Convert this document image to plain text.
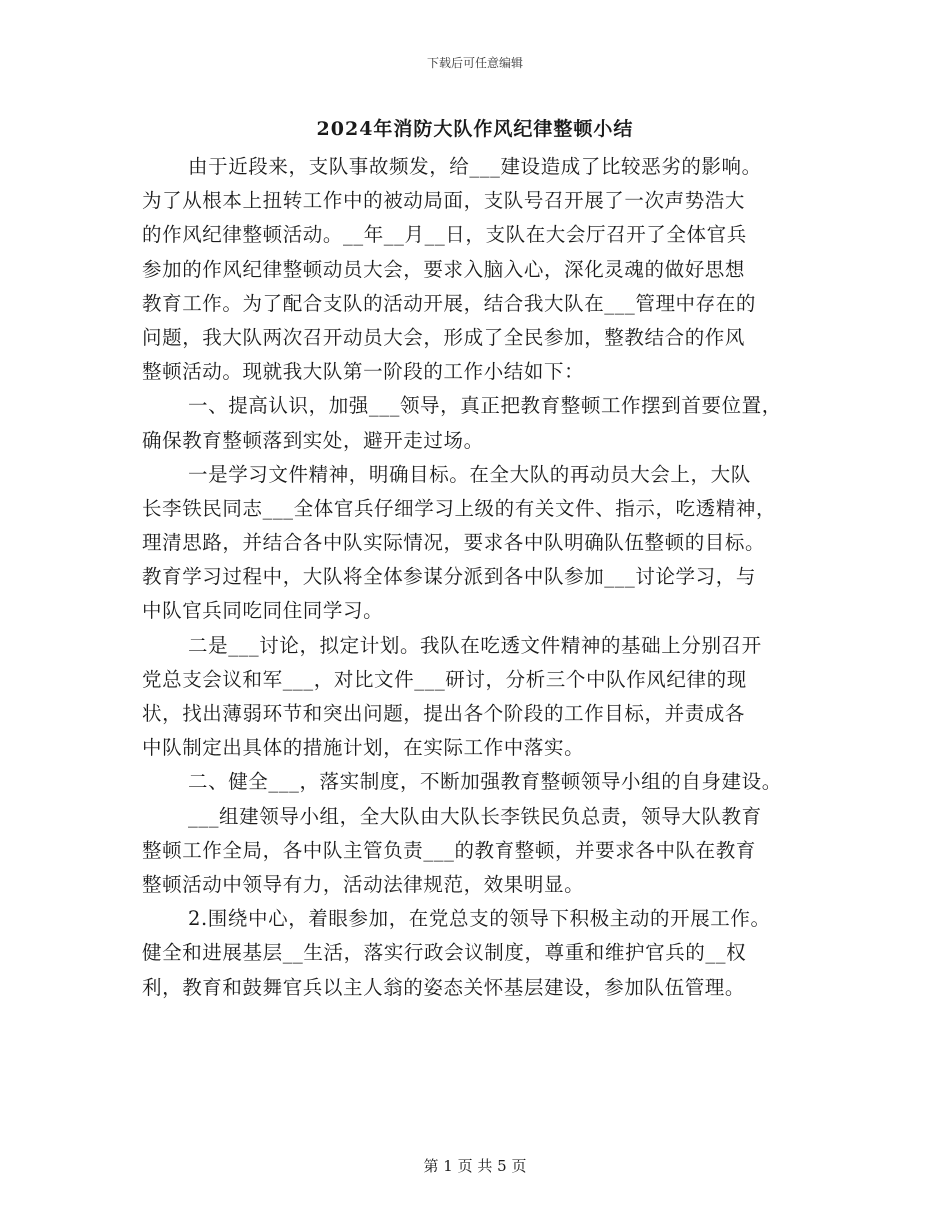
下载后可任意编辑
2024年消防大队作风纪律整顿小结
由于近段来，支队事故频发，给___建设造成了比较恶劣的影响。
为了从根本上扭转工作中的被动局面，支队号召开展了一次声势浩大
的作风纪律整顿活动。__年__月__日，支队在大会厅召开了全体官兵
参加的作风纪律整顿动员大会，要求入脑入心，深化灵魂的做好思想
教育工作。为了配合支队的活动开展，结合我大队在___管理中存在的
问题，我大队两次召开动员大会，形成了全民参加，整教结合的作风
整顿活动。现就我大队第一阶段的工作小结如下：
一、提高认识，加强___领导，真正把教育整顿工作摆到首要位置，
确保教育整顿落到实处，避开走过场。
一是学习文件精神，明确目标。在全大队的再动员大会上，大队
长李铁民同志___全体官兵仔细学习上级的有关文件、指示，吃透精神，
理清思路，并结合各中队实际情况，要求各中队明确队伍整顿的目标。
教育学习过程中，大队将全体参谋分派到各中队参加___讨论学习，与
中队官兵同吃同住同学习。
二是___讨论，拟定计划。我队在吃透文件精神的基础上分别召开
党总支会议和军___，对比文件___研讨，分析三个中队作风纪律的现
状，找出薄弱环节和突出问题，提出各个阶段的工作目标，并责成各
中队制定出具体的措施计划，在实际工作中落实。
二、健全___，落实制度，不断加强教育整顿领导小组的自身建设。
___组建领导小组，全大队由大队长李铁民负总责，领导大队教育
整顿工作全局，各中队主管负责___的教育整顿，并要求各中队在教育
整顿活动中领导有力，活动法律规范，效果明显。
2.围绕中心，着眼参加，在党总支的领导下积极主动的开展工作。
健全和进展基层__生活，落实行政会议制度，尊重和维护官兵的__权
利，教育和鼓舞官兵以主人翁的姿态关怀基层建设，参加队伍管理。
第 1 页 共 5 页
